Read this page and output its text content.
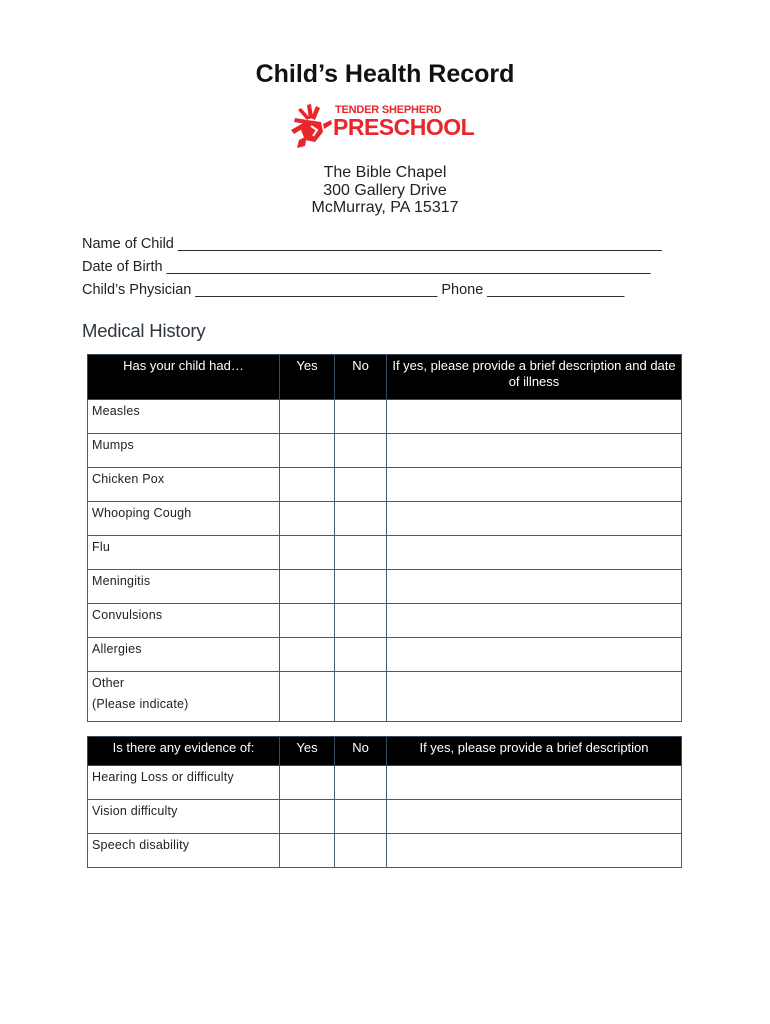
Child’s Health Record
TENDER SHEPHERD
PRESCHOOL
The Bible Chapel
300 Gallery Drive
McMurray, PA 15317
Name of Child ____________________________________________________________
Date of Birth ____________________________________________________________
Child’s Physician ______________________________ Phone _________________
Medical History
Has your child had…	Yes	No	If yes, please provide a brief description and date of illness
Measles			
Mumps			
Chicken Pox			
Whooping Cough			
Flu			
Meningitis			
Convulsions			
Allergies			
Other
(Please indicate)			

Is there any evidence of:	Yes	No	If yes, please provide a brief description
Hearing Loss or difficulty			
Vision difficulty			
Speech disability			
